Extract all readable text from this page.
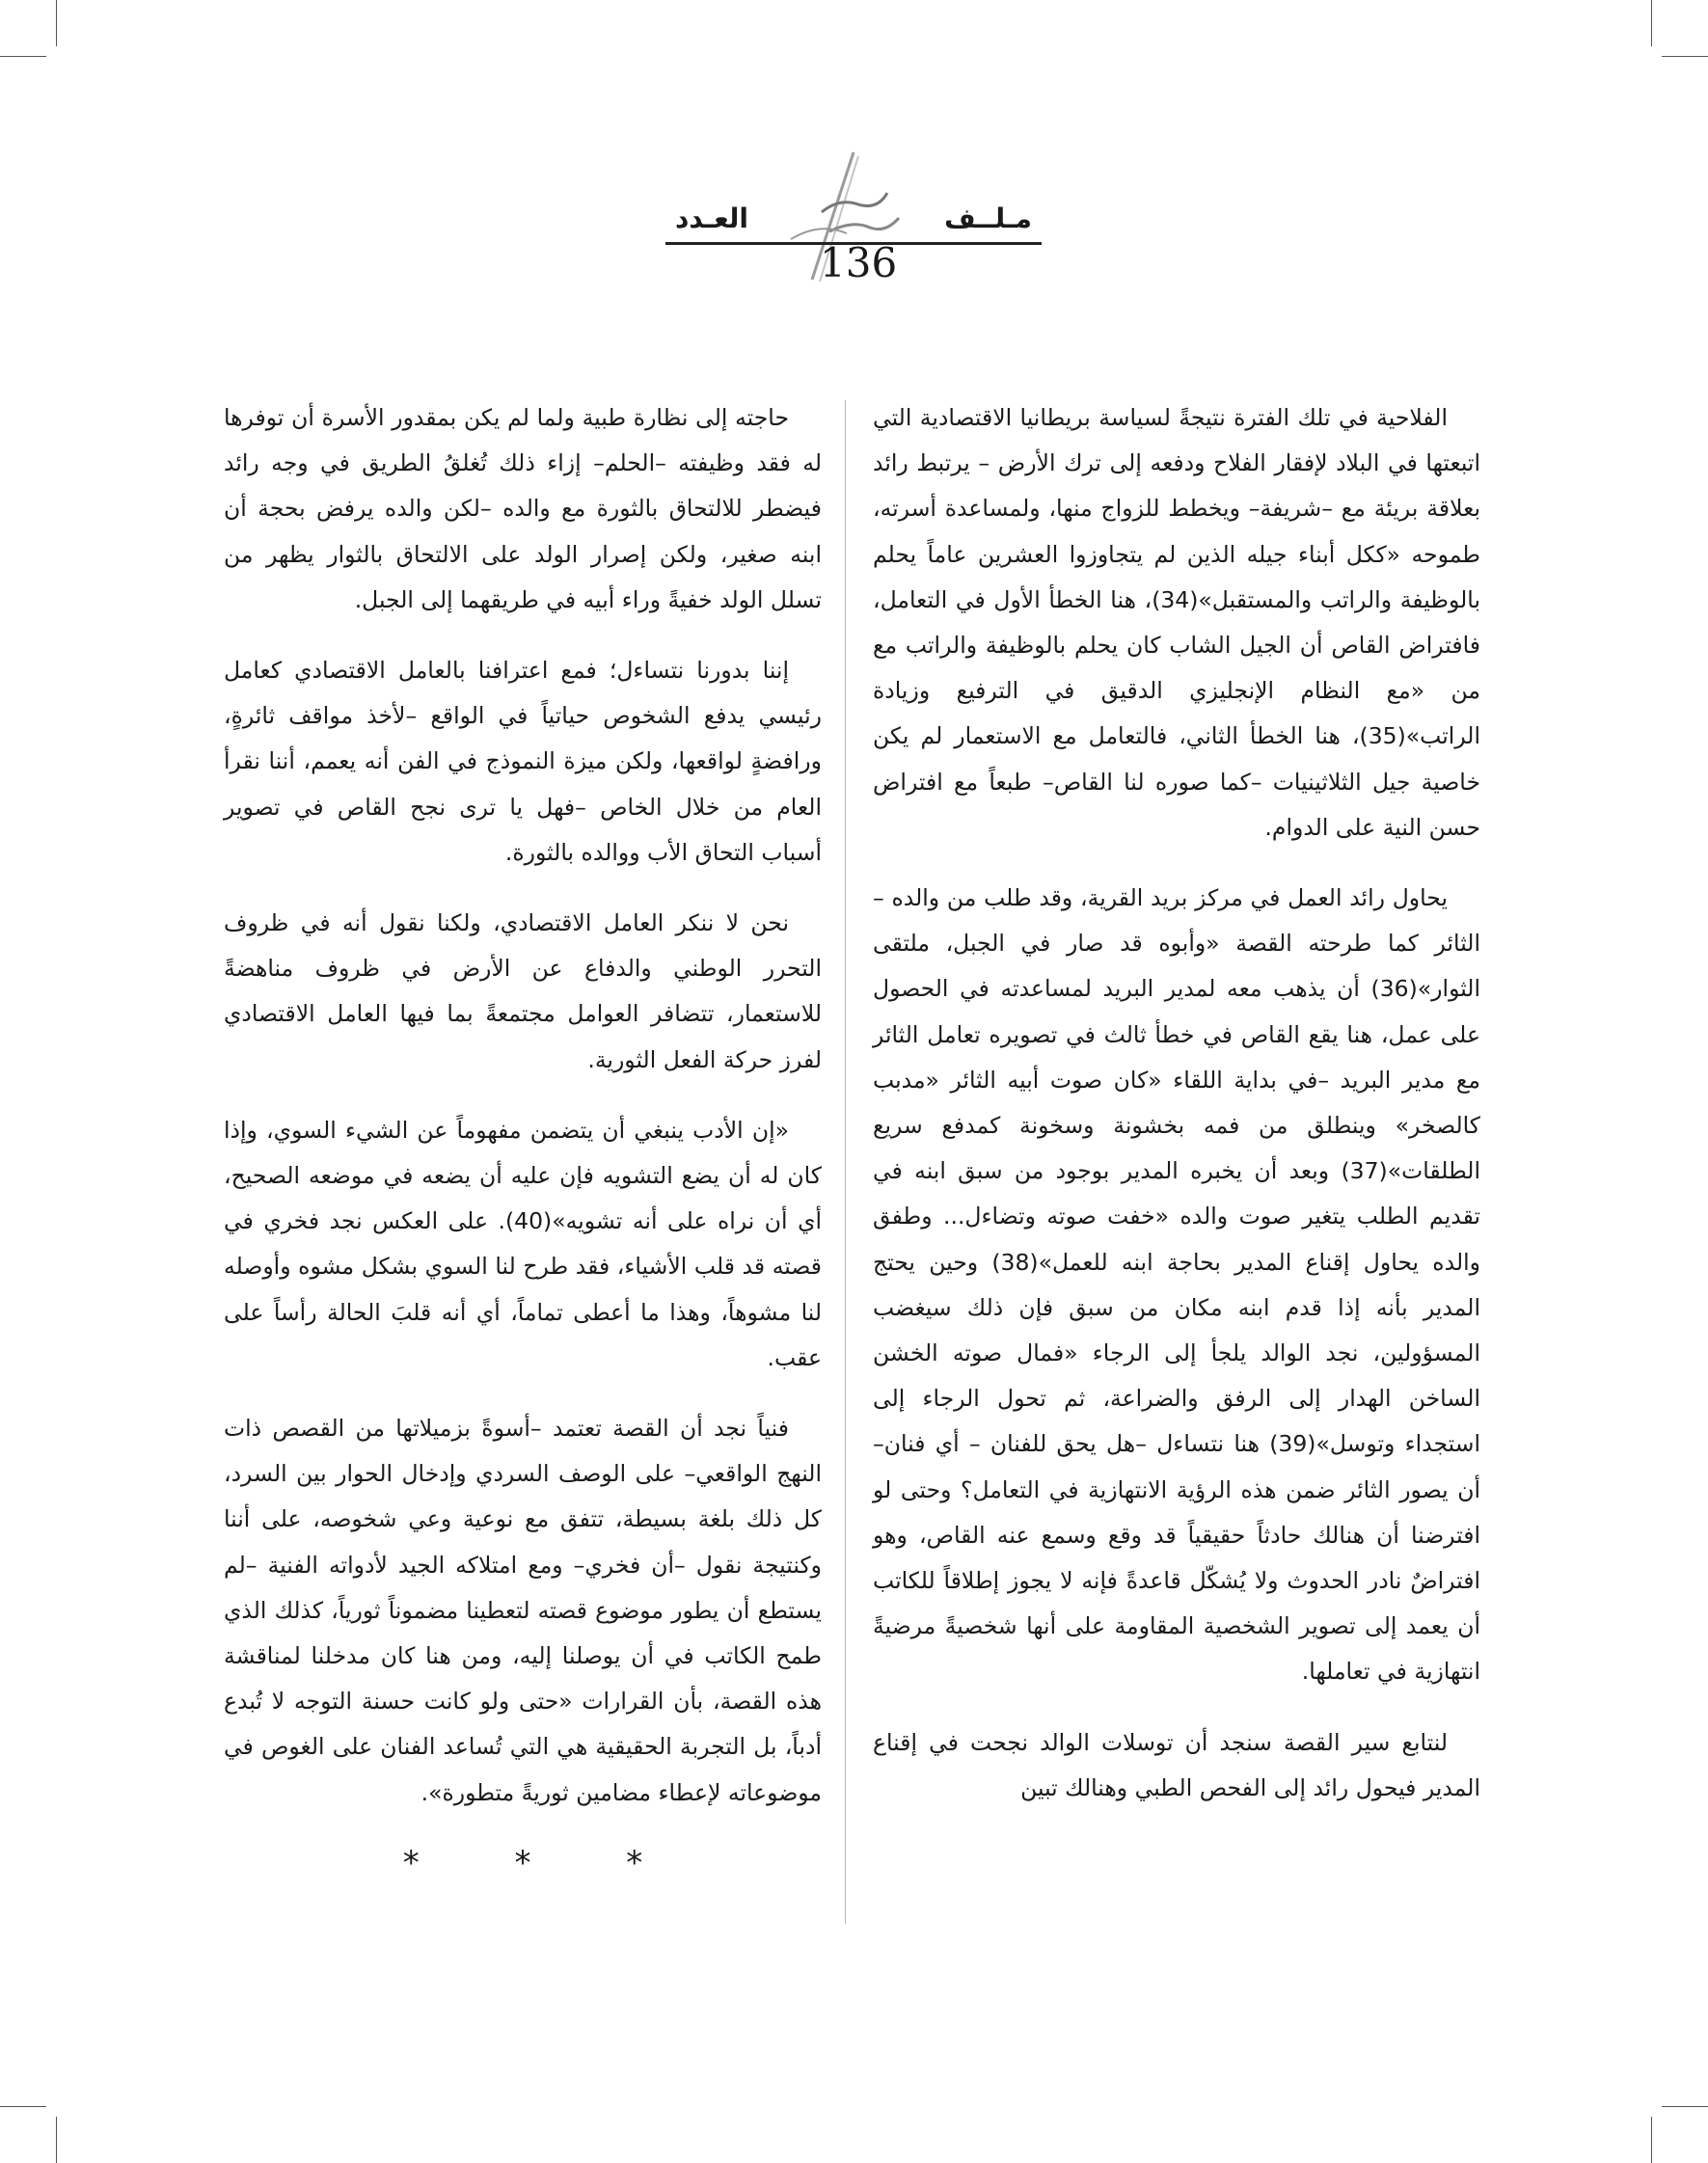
مـلــف
العـدد
136

الفلاحية في تلك الفترة نتيجةً لسياسة بريطانيا الاقتصادية التي اتبعتها في البلاد لإفقار الفلاح ودفعه إلى ترك الأرض – يرتبط رائد بعلاقة بريئة مع –شريفة– ويخطط للزواج منها، ولمساعدة أسرته، طموحه «ككل أبناء جيله الذين لم يتجاوزوا العشرين عاماً يحلم بالوظيفة والراتب والمستقبل»(34)، هنا الخطأ الأول في التعامل، فافتراض القاص أن الجيل الشاب كان يحلم بالوظيفة والراتب مع من «مع النظام الإنجليزي الدقيق في الترفيع وزيادة الراتب»(35)، هنا الخطأ الثاني، فالتعامل مع الاستعمار لم يكن خاصية جيل الثلاثينيات –كما صوره لنا القاص– طبعاً مع افتراض حسن النية على الدوام.

يحاول رائد العمل في مركز بريد القرية، وقد طلب من والده –الثائر كما طرحته القصة «وأبوه قد صار في الجبل، ملتقى الثوار»(36) أن يذهب معه لمدير البريد لمساعدته في الحصول على عمل، هنا يقع القاص في خطأ ثالث في تصويره تعامل الثائر مع مدير البريد –في بداية اللقاء «كان صوت أبيه الثائر «مدبب كالصخر» وينطلق من فمه بخشونة وسخونة كمدفع سريع الطلقات»(37) وبعد أن يخبره المدير بوجود من سبق ابنه في تقديم الطلب يتغير صوت والده «خفت صوته وتضاءل... وطفق والده يحاول إقناع المدير بحاجة ابنه للعمل»(38) وحين يحتج المدير بأنه إذا قدم ابنه مكان من سبق فإن ذلك سيغضب المسؤولين، نجد الوالد يلجأ إلى الرجاء «فمال صوته الخشن الساخن الهدار إلى الرفق والضراعة، ثم تحول الرجاء إلى استجداء وتوسل»(39) هنا نتساءل –هل يحق للفنان – أي فنان– أن يصور الثائر ضمن هذه الرؤية الانتهازية في التعامل؟ وحتى لو افترضنا أن هنالك حادثاً حقيقياً قد وقع وسمع عنه القاص، وهو افتراضٌ نادر الحدوث ولا يُشكّل قاعدةً فإنه لا يجوز إطلاقاً للكاتب أن يعمد إلى تصوير الشخصية المقاومة على أنها شخصيةً مرضيةً انتهازية في تعاملها.

لنتابع سير القصة سنجد أن توسلات الوالد نجحت في إقناع المدير فيحول رائد إلى الفحص الطبي وهنالك تبين

حاجته إلى نظارة طبية ولما لم يكن بمقدور الأسرة أن توفرها له فقد وظيفته –الحلم– إزاء ذلك تُغلقُ الطريق في وجه رائد فيضطر للالتحاق بالثورة مع والده –لكن والده يرفض بحجة أن ابنه صغير، ولكن إصرار الولد على الالتحاق بالثوار يظهر من تسلل الولد خفيةً وراء أبيه في طريقهما إلى الجبل.

إننا بدورنا نتساءل؛ فمع اعترافنا بالعامل الاقتصادي كعامل رئيسي يدفع الشخوص حياتياً في الواقع –لأخذ مواقف ثائرةٍ، ورافضةٍ لواقعها، ولكن ميزة النموذج في الفن أنه يعمم، أننا نقرأ العام من خلال الخاص –فهل يا ترى نجح القاص في تصوير أسباب التحاق الأب ووالده بالثورة.

نحن لا ننكر العامل الاقتصادي، ولكنا نقول أنه في ظروف التحرر الوطني والدفاع عن الأرض في ظروف مناهضةً للاستعمار، تتضافر العوامل مجتمعةً بما فيها العامل الاقتصادي لفرز حركة الفعل الثورية.

«إن الأدب ينبغي أن يتضمن مفهوماً عن الشيء السوي، وإذا كان له أن يضع التشويه فإن عليه أن يضعه في موضعه الصحيح، أي أن نراه على أنه تشويه»(40). على العكس نجد فخري في قصته قد قلب الأشياء، فقد طرح لنا السوي بشكل مشوه وأوصله لنا مشوهاً، وهذا ما أعطى تماماً، أي أنه قلبَ الحالة رأساً على عقب.

فنياً نجد أن القصة تعتمد –أسوةً بزميلاتها من القصص ذات النهج الواقعي– على الوصف السردي وإدخال الحوار بين السرد، كل ذلك بلغة بسيطة، تتفق مع نوعية وعي شخوصه، على أننا وكنتيجة نقول –أن فخري– ومع امتلاكه الجيد لأدواته الفنية –لم يستطع أن يطور موضوع قصته لتعطينا مضموناً ثورياً، كذلك الذي طمح الكاتب في أن يوصلنا إليه، ومن هنا كان مدخلنا لمناقشة هذه القصة، بأن القرارات «حتى ولو كانت حسنة التوجه لا تُبدع أدباً، بل التجربة الحقيقية هي التي تُساعد الفنان على الغوص في موضوعاته لإعطاء مضامين ثوريةً متطورة».

* * *
